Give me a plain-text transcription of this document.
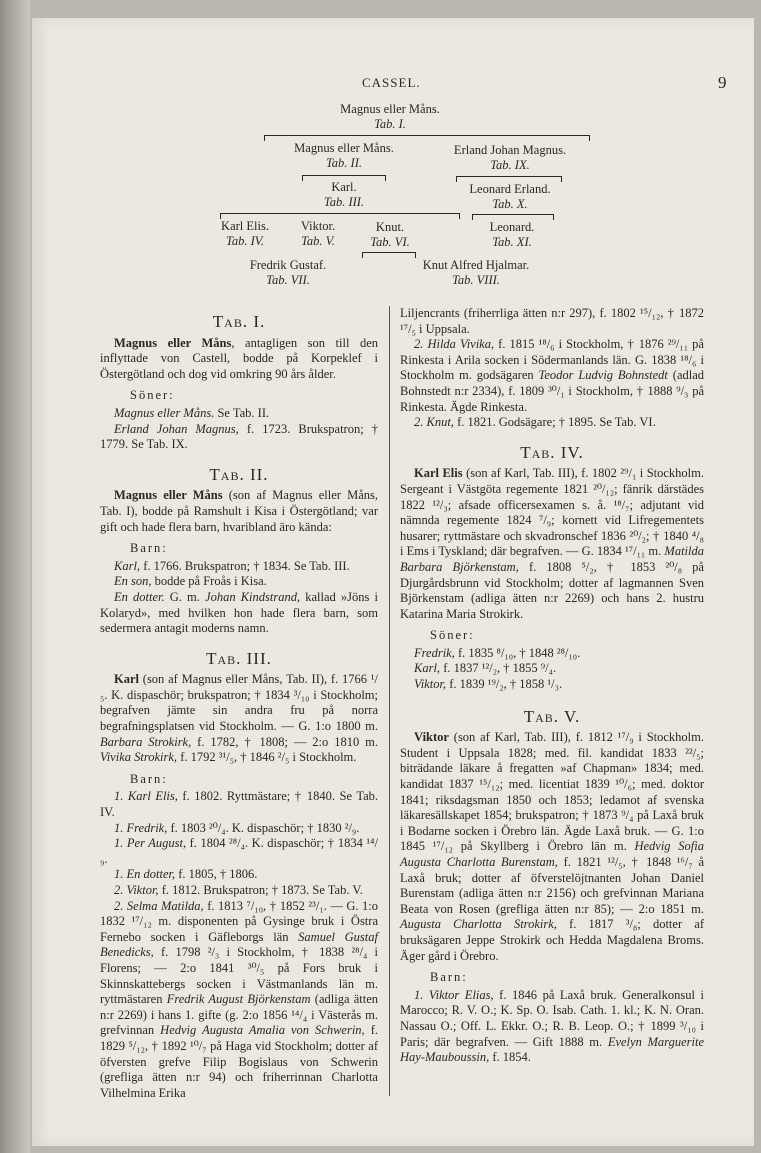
CASSEL.	9
Magnus eller Måns.
Tab. I.
Magnus eller Måns.
Tab. II.
Erland Johan Magnus.
Tab. IX.
Karl.
Tab. III.
Leonard Erland.
Tab. X.
Karl Elis.
Tab. IV.
Viktor.
Tab. V.
Knut.
Tab. VI.
Leonard.
Tab. XI.
Fredrik Gustaf.
Tab. VII.
Knut Alfred Hjalmar.
Tab. VIII.
Tab. I.

Magnus eller Måns, antagligen son till den inflyttade von Castell, bodde på Korpeklef i Östergötland och dog vid omkring 90 års ålder.

Söner:

Magnus eller Måns. Se Tab. II.

Erland Johan Magnus, f. 1723. Brukspatron; † 1779. Se Tab. IX.

Tab. II.

Magnus eller Måns (son af Magnus eller Måns, Tab. I), bodde på Ramshult i Kisa i Östergötland; var gift och hade flera barn, hvaribland äro kända:

Barn:

Karl, f. 1766. Brukspatron; † 1834. Se Tab. III.

En son, bodde på Froås i Kisa.

En dotter. G. m. Johan Kindstrand, kallad »Jöns i Kolaryd», med hvilken hon hade flera barn, som sedermera antagit moderns namn.

Tab. III.

Karl (son af Magnus eller Måns, Tab. II), f. 1766 ¹/₅. K. dispaschör; brukspatron; † 1834 ³/₁₀ i Stockholm; begrafven jämte sin andra fru på norra begrafningsplatsen vid Stockholm. — G. 1:o 1800 m. Barbara Strokirk, f. 1782, † 1808; — 2:o 1810 m. Vivika Strokirk, f. 1792 ³¹/₅, † 1846 ²/₅ i Stockholm.

Barn:

1. Karl Elis, f. 1802. Ryttmästare; † 1840. Se Tab. IV.

1. Fredrik, f. 1803 ²⁰/₄. K. dispaschör; † 1830 ²/₉.

1. Per August, f. 1804 ²⁸/₄. K. dispaschör; † 1834 ¹⁴/₉.

1. En dotter, f. 1805, † 1806.

2. Viktor, f. 1812. Brukspatron; † 1873. Se Tab. V.

2. Selma Matilda, f. 1813 ⁷/₁₀, † 1852 ²³/₁. — G. 1:o 1832 ¹⁷/₁₂ m. disponenten på Gysinge bruk i Östra Fernebo socken i Gäfleborgs län Samuel Gustaf Benedicks, f. 1798 ²/₃ i Stockholm, † 1838 ²⁸/₄ i Florens; — 2:o 1841 ³⁰/₅ på Fors bruk i Skinnskattebergs socken i Västmanlands län m. ryttmästaren Fredrik August Björkenstam (adliga ätten n:r 2269) i hans 1. gifte (g. 2:o 1856 ¹⁴/₄ i Västerås m. grefvinnan Hedvig Augusta Amalia von Schwerin, f. 1829 ⁵/₁₂, † 1892 ¹⁰/₇ på Haga vid Stockholm; dotter af öfversten grefve Filip Bogislaus von Schwerin (grefliga ätten n:r 94) och friherrinnan Charlotta Vilhelmina Erika

Liljencrants (friherrliga ätten n:r 297), f. 1802 ¹⁵/₁₂, † 1872 ¹⁷/₅ i Uppsala.

2. Hilda Vivika, f. 1815 ¹⁸/₆ i Stockholm, † 1876 ²⁹/₁₁ på Rinkesta i Arila socken i Södermanlands län. G. 1838 ¹⁸/₆ i Stockholm m. godsägaren Teodor Ludvig Bohnstedt (adlad Bohnstedt n:r 2334), f. 1809 ³⁰/₁ i Stockholm, † 1888 ⁹/₃ på Rinkesta. Ägde Rinkesta.

2. Knut, f. 1821. Godsägare; † 1895. Se Tab. VI.

Tab. IV.

Karl Elis (son af Karl, Tab. III), f. 1802 ²⁹/₁ i Stockholm. Sergeant i Västgöta regemente 1821 ²⁰/₁₂; fänrik därstädes 1822 ¹²/₃; afsade officersexamen s. å. ¹⁸/₇; adjutant vid nämnda regemente 1824 ⁷/₉; kornett vid Lifregementets husarer; ryttmästare och skvadronschef 1836 ²⁰/₂; † 1840 ⁴/₈ i Ems i Tyskland; där begrafven. — G. 1834 ¹⁷/₁₁ m. Matilda Barbara Björkenstam, f. 1808 ⁵/₂, † 1853 ²⁰/₈ på Djurgårdsbrunn vid Stockholm; dotter af lagmannen Sven Björkenstam (adliga ätten n:r 2269) och hans 2. hustru Katarina Maria Strokirk.

Söner:

Fredrik, f. 1835 ⁸/₁₀, † 1848 ²⁸/₁₀.

Karl, f. 1837 ¹²/₂, † 1855 ⁹/₄.

Viktor, f. 1839 ¹⁹/₂, † 1858 ¹/₃.

Tab. V.

Viktor (son af Karl, Tab. III), f. 1812 ¹⁷/₉ i Stockholm. Student i Uppsala 1828; med. fil. kandidat 1833 ²²/₅; biträdande läkare å fregatten »af Chapman» 1834; med. kandidat 1837 ¹⁵/₁₂; med. licentiat 1839 ¹⁰/₆; med. doktor 1841; riksdagsman 1850 och 1853; ledamot af svenska läkaresällskapet 1854; brukspatron; † 1873 ⁹/₄ på Laxå bruk i Bodarne socken i Örebro län. Ägde Laxå bruk. — G. 1:o 1845 ¹⁷/₁₂ på Skyllberg i Örebro län m. Hedvig Sofia Augusta Charlotta Burenstam, f. 1821 ¹²/₅, † 1848 ¹⁶/₇ å Laxå bruk; dotter af öfverstelöjtnanten Johan Daniel Burenstam (adliga ätten n:r 2156) och grefvinnan Mariana Beata von Rosen (grefliga ätten n:r 85); — 2:o 1851 m. Augusta Charlotta Strokirk, f. 1817 ³/₈; dotter af bruksägaren Jeppe Strokirk och Hedda Magdalena Broms. Äger gård i Örebro.

Barn:

1. Viktor Elias, f. 1846 på Laxå bruk. Generalkonsul i Marocco; R. V. O.; K. Sp. O. Isab. Cath. 1. kl.; K. N. Oran. Nassau O.; Off. L. Ekkr. O.; R. B. Leop. O.; † 1899 ³/₁₀ i Paris; där begrafven. — Gift 1888 m. Evelyn Marguerite Hay-Mauboussin, f. 1854.
